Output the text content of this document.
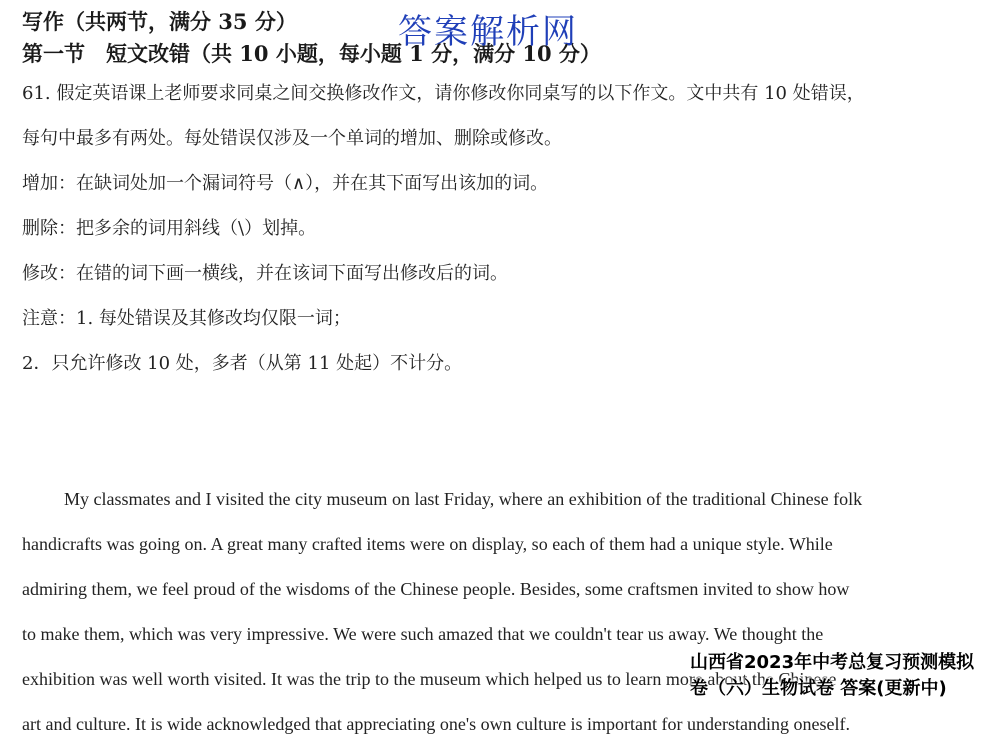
写作（共两节，满分 35 分）
第一节　短文改错（共 10 小题，每小题 1 分，满分 10 分）
答案解析网
61. 假定英语课上老师要求同桌之间交换修改作文，请你修改你同桌写的以下作文。文中共有 10 处错误，
每句中最多有两处。每处错误仅涉及一个单词的增加、删除或修改。
增加：在缺词处加一个漏词符号（∧），并在其下面写出该加的词。
删除：把多余的词用斜线（\）划掉。
修改：在错的词下画一横线，并在该词下面写出修改后的词。
注意：1. 每处错误及其修改均仅限一词；
2．只允许修改 10 处，多者（从第 11 处起）不计分。
My classmates and I visited the city museum on last Friday, where an exhibition of the traditional Chinese folk
handicrafts was going on. A great many crafted items were on display, so each of them had a unique style. While
admiring them, we feel proud of the wisdoms of the Chinese people. Besides, some craftsmen invited to show how
to make them, which was very impressive. We were such amazed that we couldn't tear us away. We thought the
exhibition was well worth visited. It was the trip to the museum which helped us to learn more about the Chinese
art and culture. It is wide acknowledged that appreciating one's own culture is important for understanding oneself.
山西省2023年中考总复习预测模拟卷（六）生物试卷 答案(更新中)
